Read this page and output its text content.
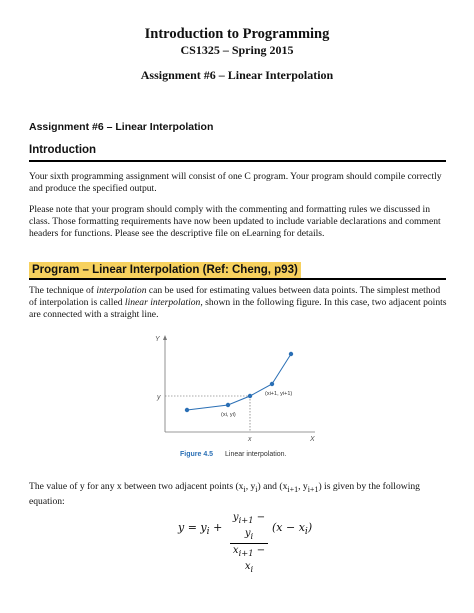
Introduction to Programming
CS1325 – Spring 2015
Assignment #6 – Linear Interpolation
Assignment #6 – Linear Interpolation
Introduction
Your sixth programming assignment will consist of one C program. Your program should compile correctly and produce the specified output.
Please note that your program should comply with the commenting and formatting rules we discussed in class. Those formatting requirements have now been updated to include variable declarations and comment headers for functions. Please see the descriptive file on eLearning for details.
Program – Linear Interpolation (Ref: Cheng, p93)
The technique of interpolation can be used for estimating values between data points. The simplest method of interpolation is called linear interpolation, shown in the following figure. In this case, two adjacent points are connected with a straight line.
Y
X
y
x
(xi, yi)
(xi+1, yi+1)
Figure 4.5 Linear interpolation.
The value of y for any x between two adjacent points ($x_i$, $y_i$) and ($x_{i+1}$, $y_{i+1}$) is given by the following equation:
$y = y_i + \frac{y_{i+1} - y_i}{x_{i+1} - x_i} (x - x_i)$
